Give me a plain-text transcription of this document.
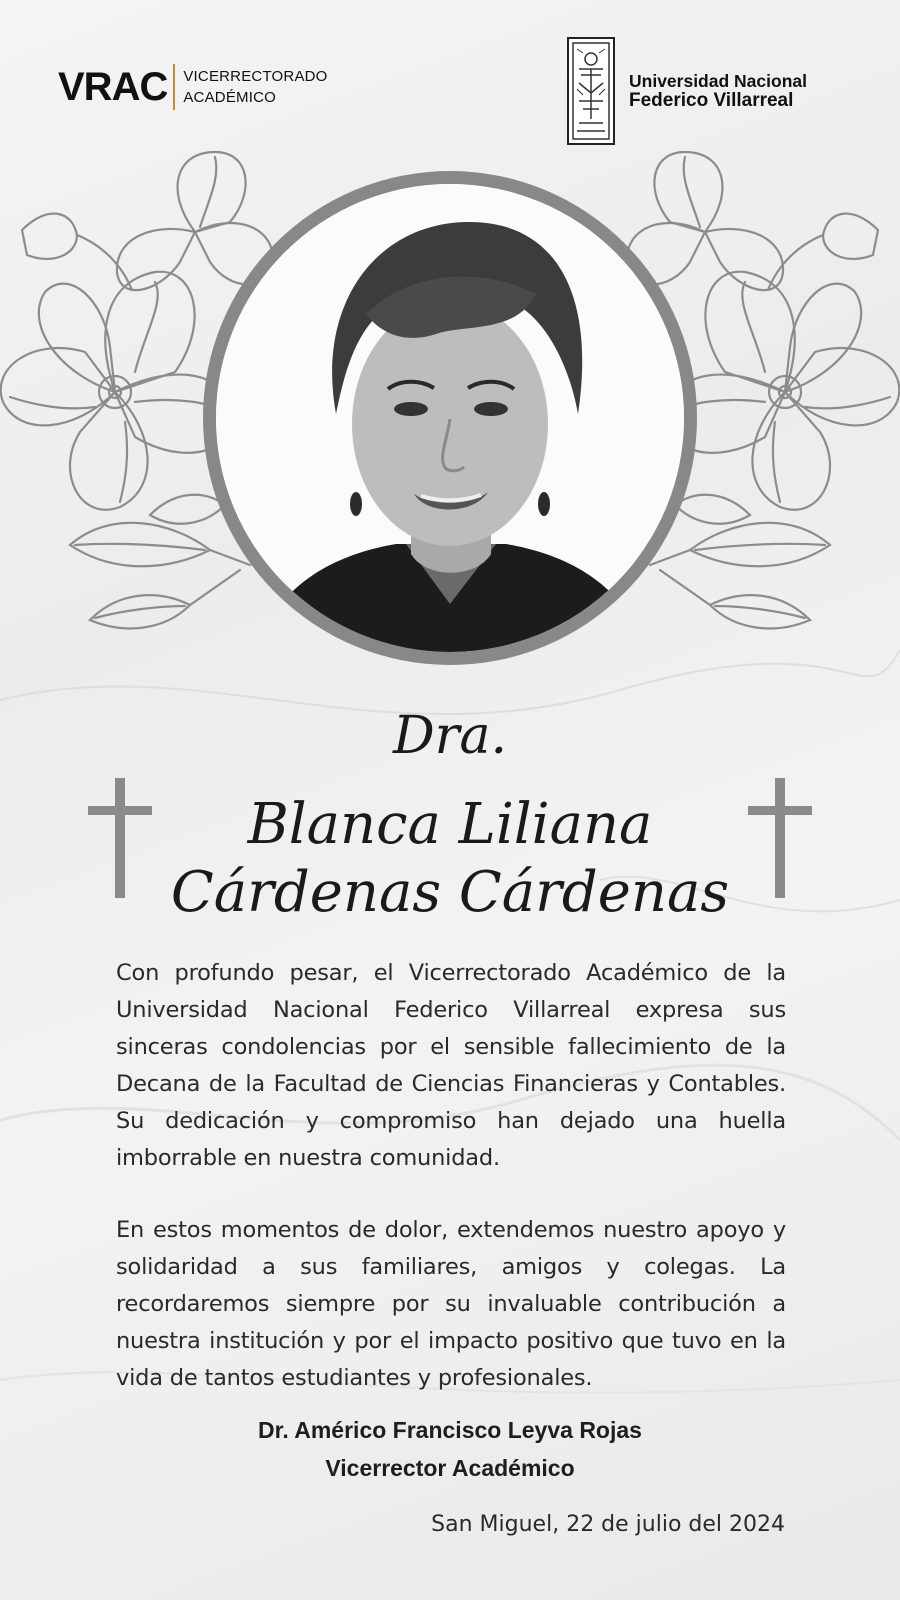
VRAC VICERRECTORADO
ACADÉMICO
Universidad Nacional
Federico Villarreal
Dra.
Blanca Liliana
Cárdenas Cárdenas

Con profundo pesar, el Vicerrectorado Académico de la Universidad Nacional Federico Villarreal expresa sus sinceras condolencias por el sensible fallecimiento de la Decana de la Facultad de Ciencias Financieras y Contables. Su dedicación y compromiso han dejado una huella imborrable en nuestra comunidad.

En estos momentos de dolor, extendemos nuestro apoyo y solidaridad a sus familiares, amigos y colegas. La recordaremos siempre por su invaluable contribución a nuestra institución y por el impacto positivo que tuvo en la vida de tantos estudiantes y profesionales.

Dr. Américo Francisco Leyva Rojas
Vicerrector Académico
San Miguel, 22 de julio del 2024
